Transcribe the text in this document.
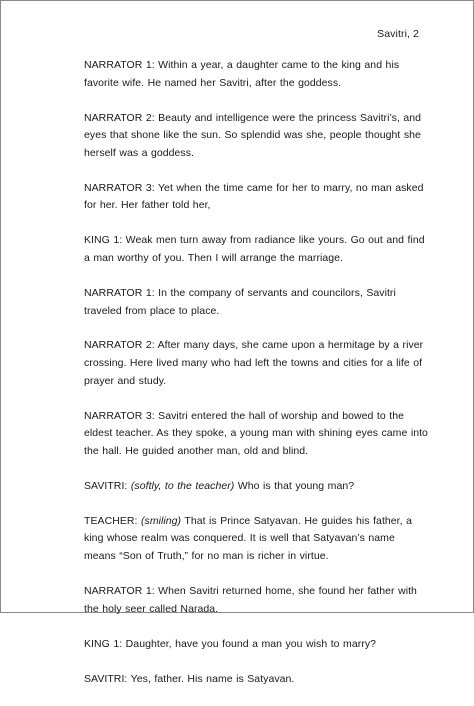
Savitri, 2

NARRATOR 1: Within a year, a daughter came to the king and his favorite wife. He named her Savitri, after the goddess.

NARRATOR 2: Beauty and intelligence were the princess Savitri’s, and eyes that shone like the sun. So splendid was she, people thought she herself was a goddess.

NARRATOR 3: Yet when the time came for her to marry, no man asked for her. Her father told her,

KING 1: Weak men turn away from radiance like yours. Go out and find a man worthy of you. Then I will arrange the marriage.

NARRATOR 1: In the company of servants and councilors, Savitri traveled from place to place.

NARRATOR 2: After many days, she came upon a hermitage by a river crossing. Here lived many who had left the towns and cities for a life of prayer and study.

NARRATOR 3: Savitri entered the hall of worship and bowed to the eldest teacher. As they spoke, a young man with shining eyes came into the hall. He guided another man, old and blind.

SAVITRI: (softly, to the teacher) Who is that young man?

TEACHER: (smiling) That is Prince Satyavan. He guides his father, a king whose realm was conquered. It is well that Satyavan’s name means “Son of Truth,” for no man is richer in virtue.

NARRATOR 1: When Savitri returned home, she found her father with the holy seer called Narada.

KING 1: Daughter, have you found a man you wish to marry?

SAVITRI: Yes, father. His name is Satyavan.
